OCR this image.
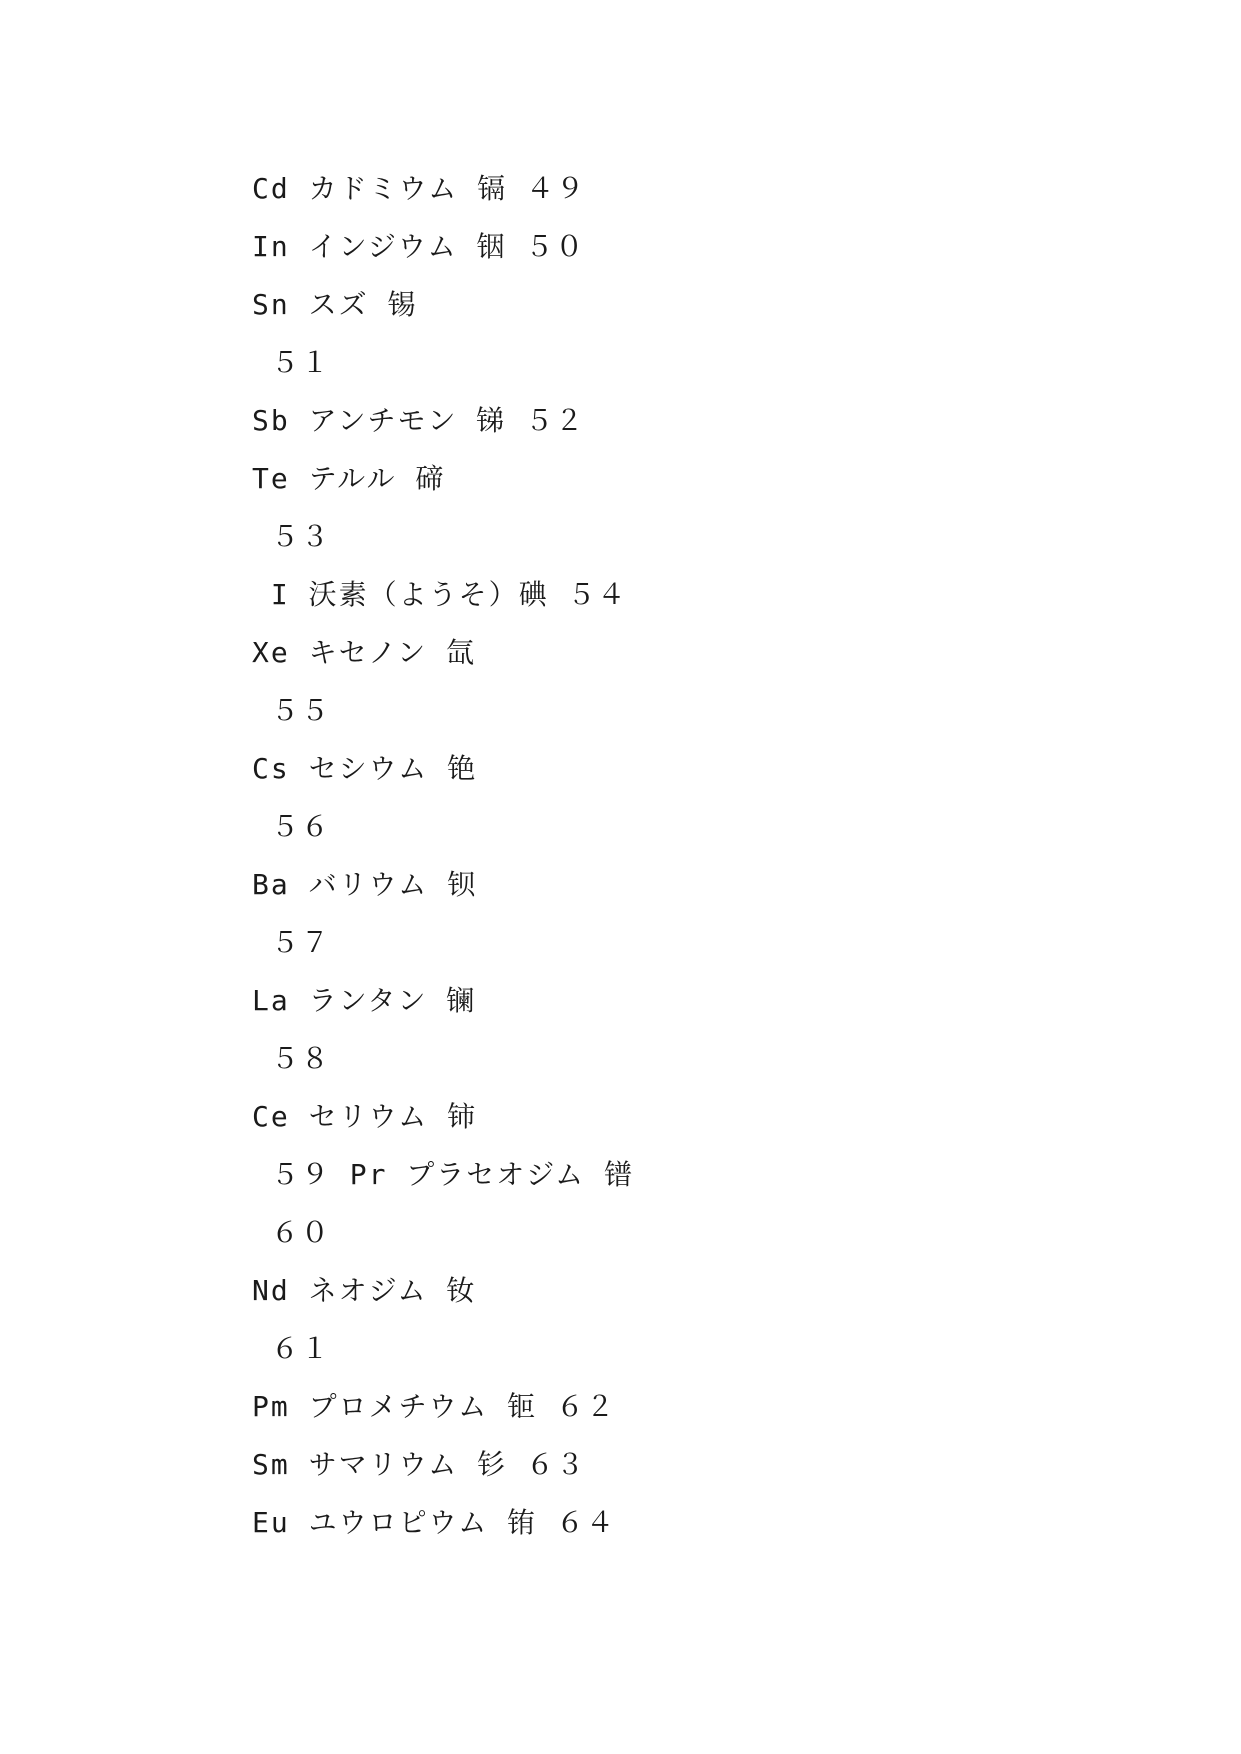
Cd カドミウム 镉 ４９
In インジウム 铟 ５０
Sn スズ 锡
５１
Sb アンチモン 锑 ５２
Te テルル 碲
５３
I 沃素（ようそ）碘 ５４
Xe キセノン 氙
５５
Cs セシウム 铯
５６
Ba バリウム 钡
５７
La ランタン 镧
５８
Ce セリウム 铈
５９ Pr プラセオジム 镨
６０
Nd ネオジム 钕
６１
Pm プロメチウム 钷 ６２
Sm サマリウム 钐 ６３
Eu ユウロピウム 铕 ６４
